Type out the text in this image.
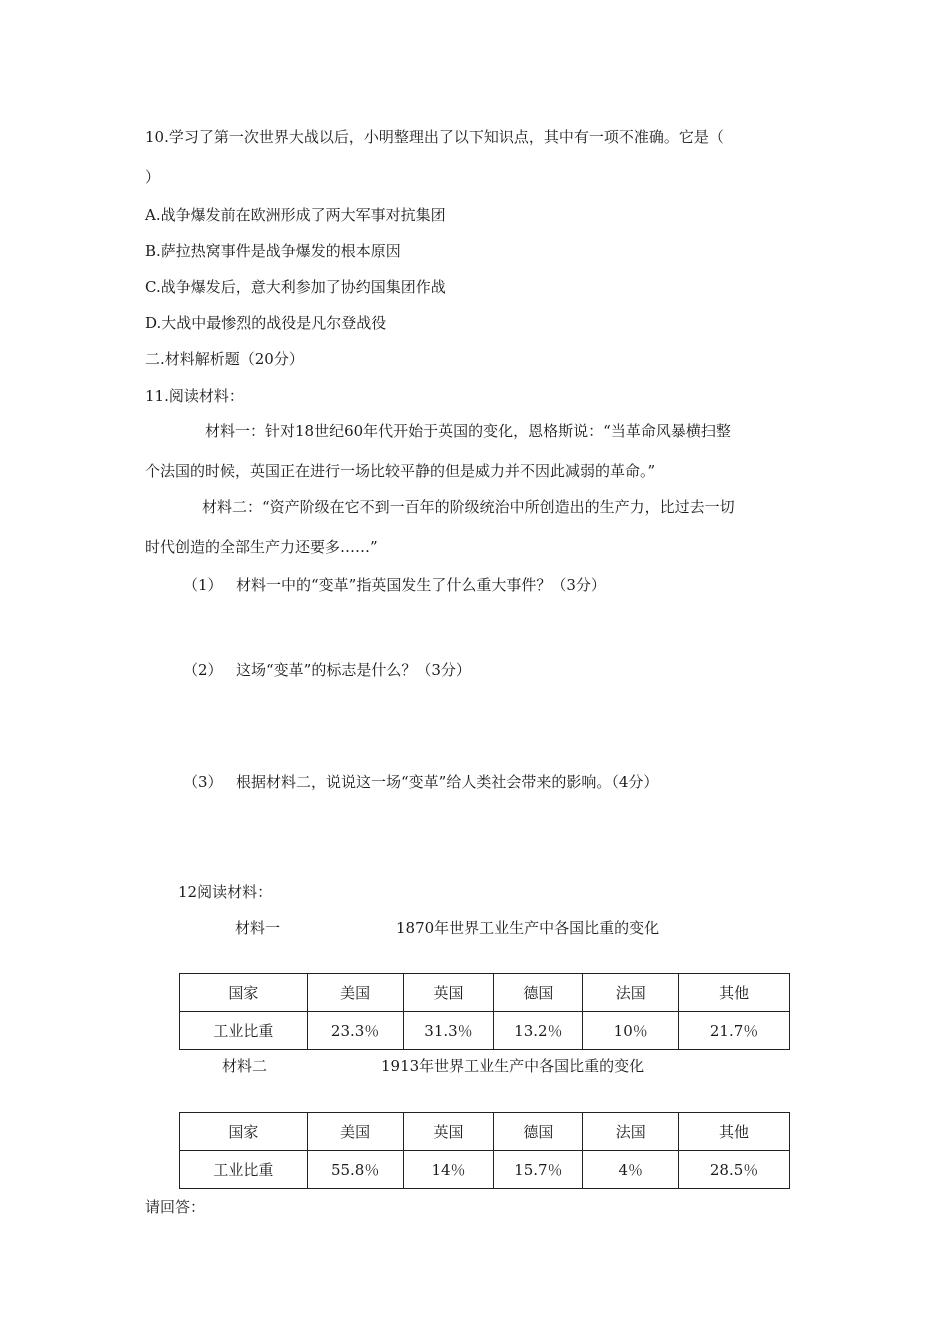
10.学习了第一次世界大战以后，小明整理出了以下知识点，其中有一项不准确。它是（
）
A.战争爆发前在欧洲形成了两大军事对抗集团
B.萨拉热窝事件是战争爆发的根本原因
C.战争爆发后，意大利参加了协约国集团作战
D.大战中最惨烈的战役是凡尔登战役
二.材料解析题（20分）
11.阅读材料：
材料一：针对18世纪60年代开始于英国的变化，恩格斯说：“当革命风暴横扫整
个法国的时候，英国正在进行一场比较平静的但是威力并不因此减弱的革命。”
材料二：“资产阶级在它不到一百年的阶级统治中所创造出的生产力，比过去一切
时代创造的全部生产力还要多……”
（1） 材料一中的“变革”指英国发生了什么重大事件？（3分）
（2） 这场“变革”的标志是什么？（3分）
（3） 根据材料二，说说这一场“变革”给人类社会带来的影响。（4分）
12阅读材料：
材料一	1870年世界工业生产中各国比重的变化
国家	美国	英国	德国	法国	其他
工业比重	23.3％	31.3％	13.2％	10％	21.7％
材料二	1913年世界工业生产中各国比重的变化
国家	美国	英国	德国	法国	其他
工业比重	55.8％	14％	15.7％	4％	28.5％
请回答：
